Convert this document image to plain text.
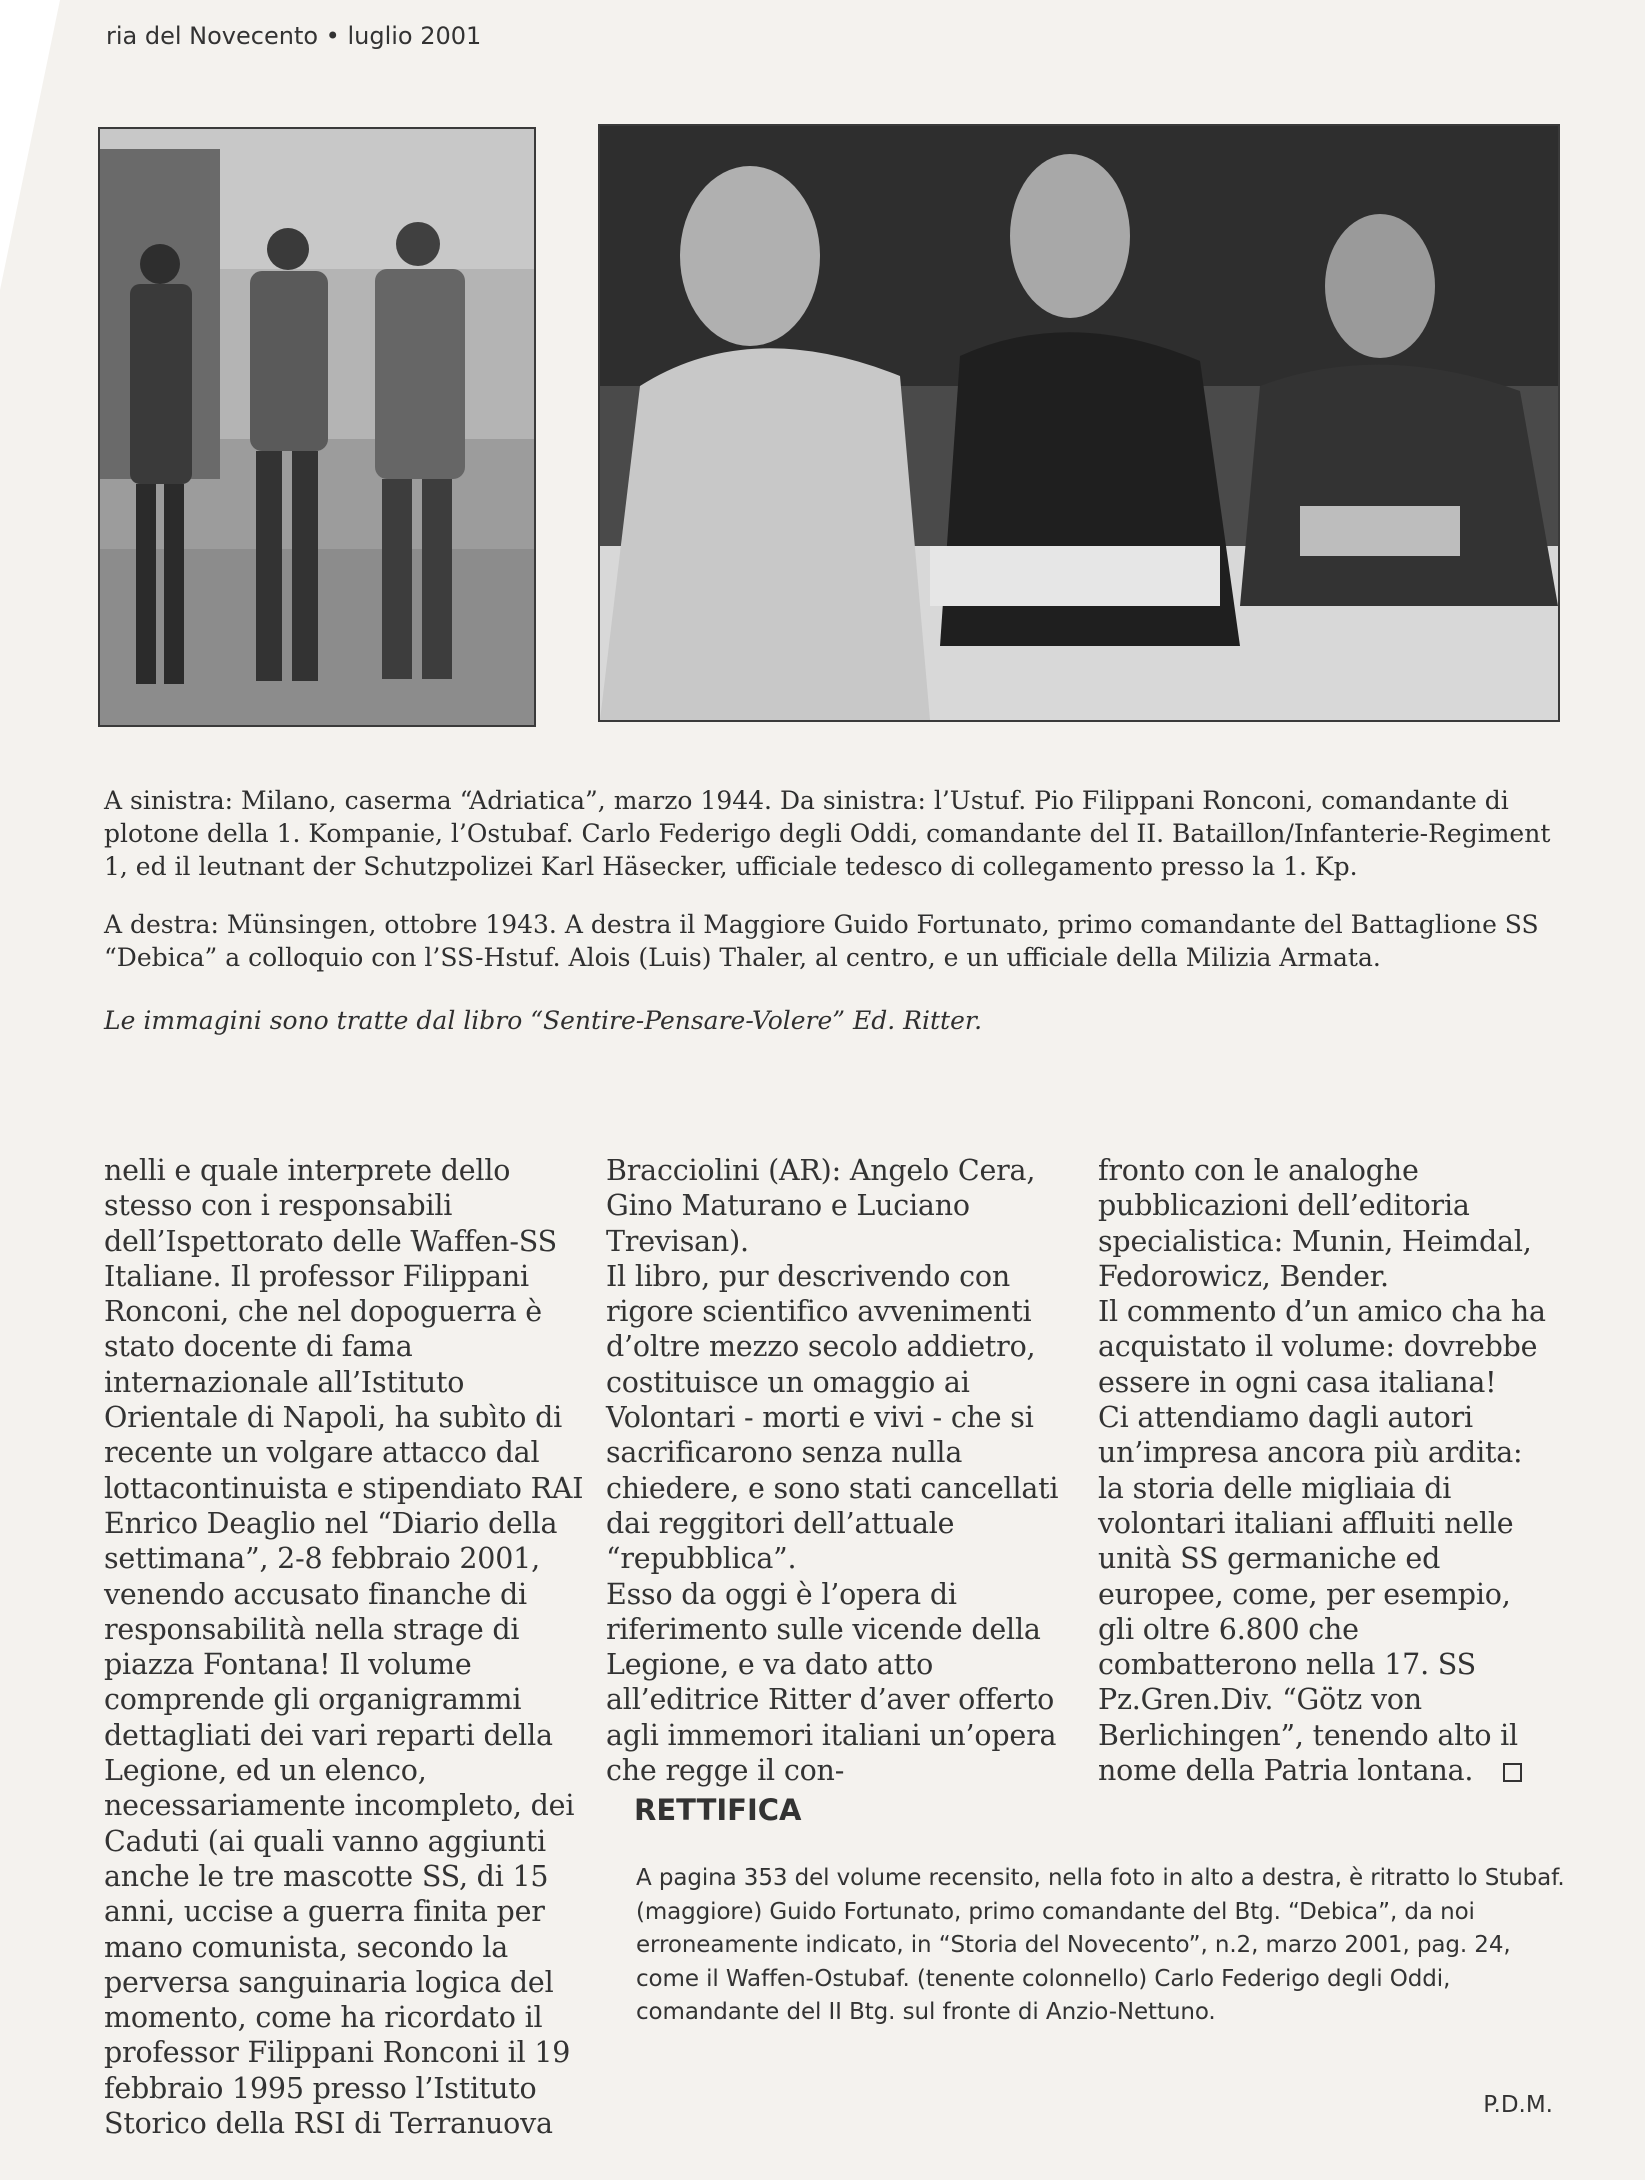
ria del Novecento • luglio 2001
A sinistra: Milano, caserma “Adriatica”, marzo 1944. Da sinistra: l’Ustuf. Pio Filippani Ronconi, comandante di plotone della 1. Kompanie, l’Ostubaf. Carlo Federigo degli Oddi, comandante del II. Bataillon/Infanterie-Regiment 1, ed il leutnant der Schutzpolizei Karl Häsecker, ufficiale tedesco di collegamento presso la 1. Kp.
A destra: Münsingen, ottobre 1943. A destra il Maggiore Guido Fortunato, primo comandante del Battaglione SS “Debica” a colloquio con l’SS-Hstuf. Alois (Luis) Thaler, al centro, e un ufficiale della Milizia Armata.
Le immagini sono tratte dal libro “Sentire-Pensare-Volere” Ed. Ritter.

nelli e quale interprete dello stesso con i responsabili dell’Ispettorato delle Waffen-SS Italiane. Il professor Filippani Ronconi, che nel dopoguerra è stato docente di fama internazionale all’Istituto Orientale di Napoli, ha subìto di recente un volgare attacco dal lottacontinuista e stipendiato RAI Enrico Deaglio nel “Diario della settimana”, 2-8 febbraio 2001, venendo accusato finanche di responsabilità nella strage di piazza Fontana! Il volume comprende gli organigrammi dettagliati dei vari reparti della Legione, ed un elenco, necessariamente incompleto, dei Caduti (ai quali vanno aggiunti anche le tre mascotte SS, di 15 anni, uccise a guerra finita per mano comunista, secondo la perversa sanguinaria logica del momento, come ha ricordato il professor Filippani Ronconi il 19 febbraio 1995 presso l’Istituto Storico della RSI di Terranuova

Bracciolini (AR): Angelo Cera, Gino Maturano e Luciano Trevisan).

Il libro, pur descrivendo con rigore scientifico avvenimenti d’oltre mezzo secolo addietro, costituisce un omaggio ai Volontari - morti e vivi - che si sacrificarono senza nulla chiedere, e sono stati cancellati dai reggitori dell’attuale “repubblica”.

Esso da oggi è l’opera di riferimento sulle vicende della Legione, e va dato atto all’editrice Ritter d’aver offerto agli immemori italiani un’opera che regge il con-

fronto con le analoghe pubblicazioni dell’editoria specialistica: Munin, Heimdal, Fedorowicz, Bender.

Il commento d’un amico cha ha acquistato il volume: dovrebbe essere in ogni casa italiana!

Ci attendiamo dagli autori un’impresa ancora più ardita: la storia delle migliaia di volontari italiani affluiti nelle unità SS germaniche ed europee, come, per esempio, gli oltre 6.800 che combatterono nella 17. SS Pz.Gren.Div. “Götz von Berlichingen”, tenendo alto il nome della Patria lontana.

RETTIFICA
A pagina 353 del volume recensito, nella foto in alto a destra, è ritratto lo Stubaf. (maggiore) Guido Fortunato, primo comandante del Btg. “Debica”, da noi erroneamente indicato, in “Storia del Novecento”, n.2, marzo 2001, pag. 24, come il Waffen-Ostubaf. (tenente colonnello) Carlo Federigo degli Oddi, comandante del II Btg. sul fronte di Anzio-Nettuno.
P.D.M.
